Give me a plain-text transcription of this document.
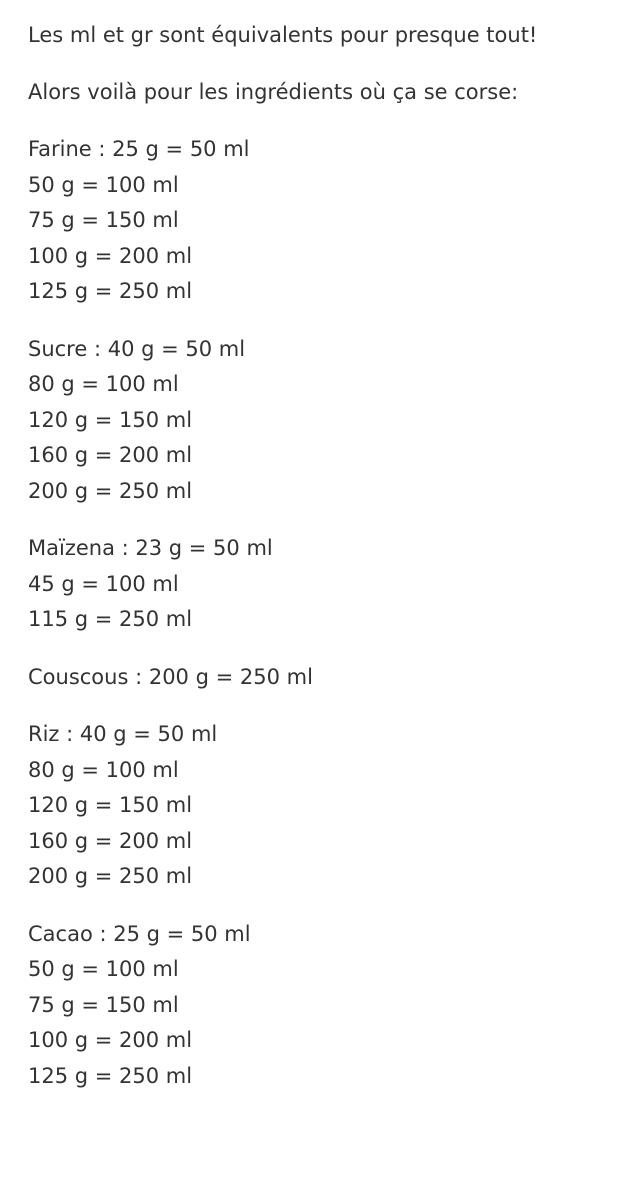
Les ml et gr sont équivalents pour presque tout!

Alors voilà pour les ingrédients où ça se corse:

Farine : 25 g = 50 ml
50 g = 100 ml
75 g = 150 ml
100 g = 200 ml
125 g = 250 ml
Sucre : 40 g = 50 ml
80 g = 100 ml
120 g = 150 ml
160 g = 200 ml
200 g = 250 ml
Maïzena : 23 g = 50 ml
45 g = 100 ml
115 g = 250 ml
Couscous : 200 g = 250 ml
Riz : 40 g = 50 ml
80 g = 100 ml
120 g = 150 ml
160 g = 200 ml
200 g = 250 ml
Cacao : 25 g = 50 ml
50 g = 100 ml
75 g = 150 ml
100 g = 200 ml
125 g = 250 ml
